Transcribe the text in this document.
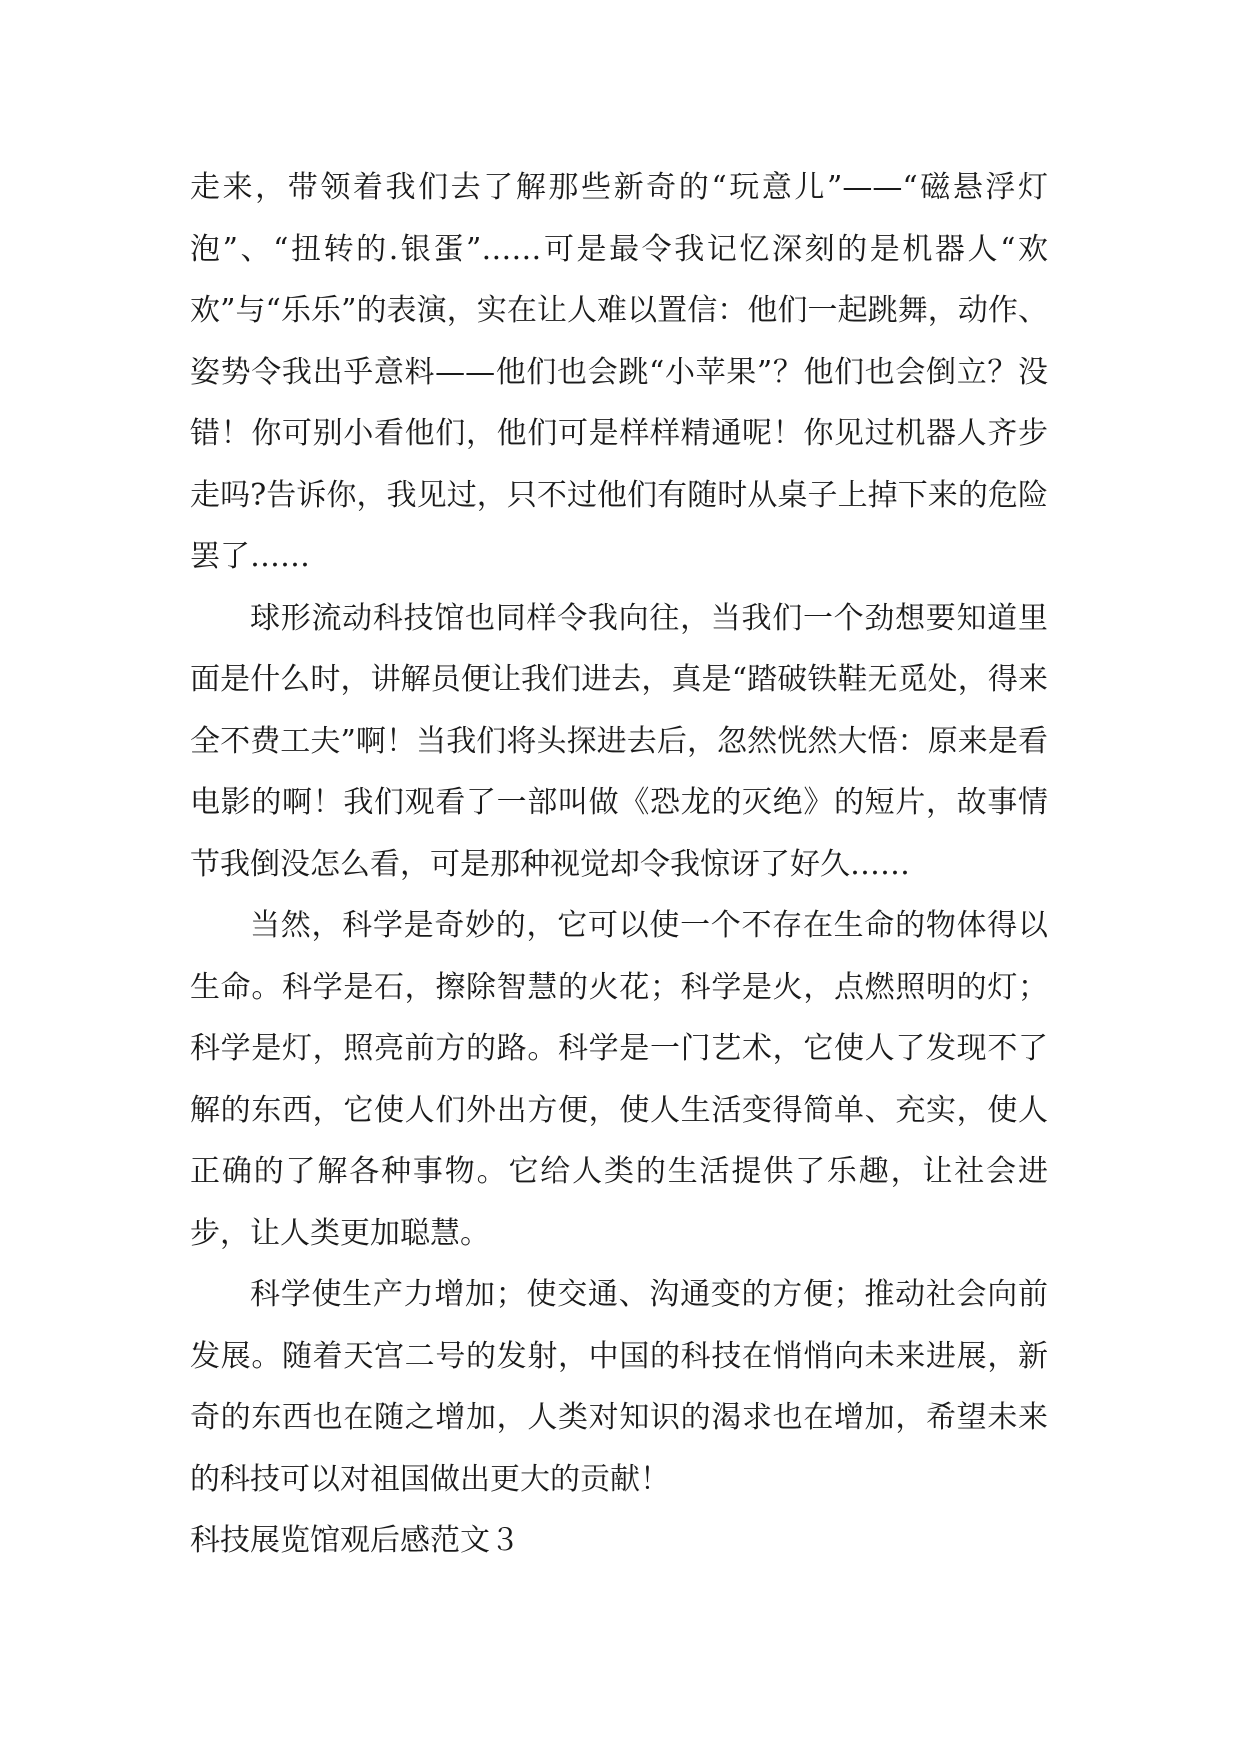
走来，带领着我们去了解那些新奇的“玩意儿”——“磁悬浮灯泡”、“扭转的.银蛋”……可是最令我记忆深刻的是机器人“欢欢”与“乐乐”的表演，实在让人难以置信：他们一起跳舞，动作、姿势令我出乎意料——他们也会跳“小苹果”？他们也会倒立？没错！你可别小看他们，他们可是样样精通呢！你见过机器人齐步走吗?告诉你，我见过，只不过他们有随时从桌子上掉下来的危险罢了……

球形流动科技馆也同样令我向往，当我们一个劲想要知道里面是什么时，讲解员便让我们进去，真是“踏破铁鞋无觅处，得来全不费工夫”啊！当我们将头探进去后，忽然恍然大悟：原来是看电影的啊！我们观看了一部叫做《恐龙的灭绝》的短片，故事情节我倒没怎么看，可是那种视觉却令我惊讶了好久……

当然，科学是奇妙的，它可以使一个不存在生命的物体得以生命。科学是石，擦除智慧的火花；科学是火，点燃照明的灯；科学是灯，照亮前方的路。科学是一门艺术，它使人了发现不了解的东西，它使人们外出方便，使人生活变得简单、充实，使人正确的了解各种事物。它给人类的生活提供了乐趣，让社会进步，让人类更加聪慧。

科学使生产力增加；使交通、沟通变的方便；推动社会向前发展。随着天宫二号的发射，中国的科技在悄悄向未来进展，新奇的东西也在随之增加，人类对知识的渴求也在增加，希望未来的科技可以对祖国做出更大的贡献！

科技展览馆观后感范文３
